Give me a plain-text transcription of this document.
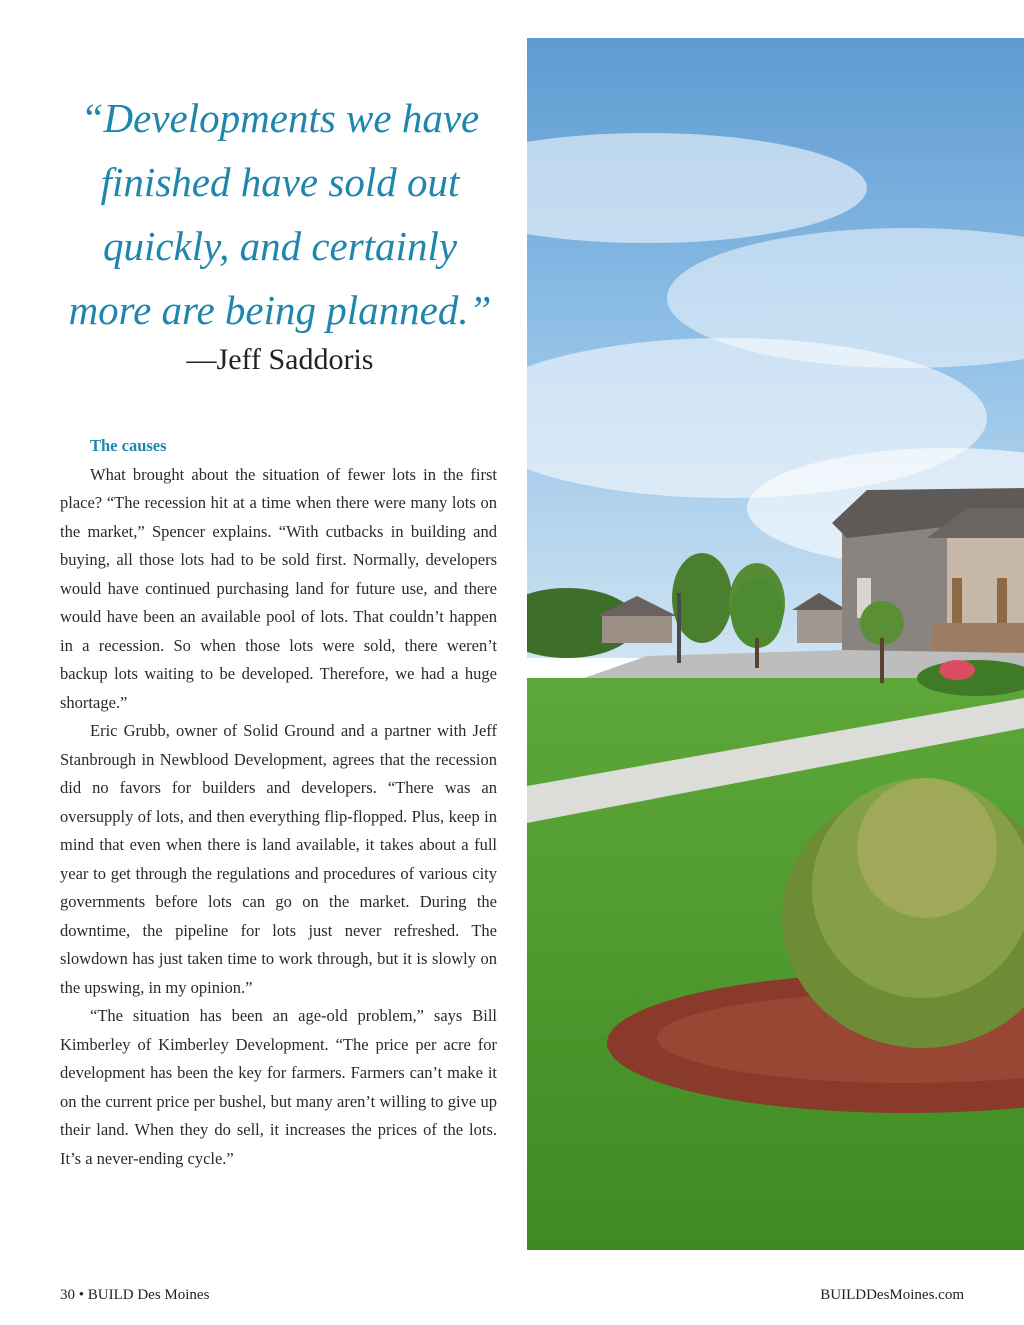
“Developments we have
finished have sold out
quickly, and certainly
more are being planned.”
—Jeff Saddoris
The causes

What brought about the situation of fewer lots in the first place? “The recession hit at a time when there were many lots on the market,” Spencer explains. “With cutbacks in building and buying, all those lots had to be sold first. Normally, developers would have continued purchasing land for future use, and there would have been an available pool of lots. That couldn’t happen in a recession. So when those lots were sold, there weren’t backup lots waiting to be developed. Therefore, we had a huge shortage.”

Eric Grubb, owner of Solid Ground and a partner with Jeff Stanbrough in Newblood Development, agrees that the recession did no favors for builders and developers. “There was an oversupply of lots, and then everything flip-flopped. Plus, keep in mind that even when there is land available, it takes about a full year to get through the regulations and procedures of various city governments before lots can go on the market. During the downtime, the pipeline for lots just never refreshed. The slowdown has just taken time to work through, but it is slowly on the upswing, in my opinion.”

“The situation has been an age-old problem,” says Bill Kimberley of Kimberley Development. “The price per acre for development has been the key for farmers. Farmers can’t make it on the current price per bushel, but many aren’t willing to give up their land. When they do sell, it increases the prices of the lots. It’s a never-ending cycle.”

30 • BUILD Des Moines	BUILDDesMoines.com
